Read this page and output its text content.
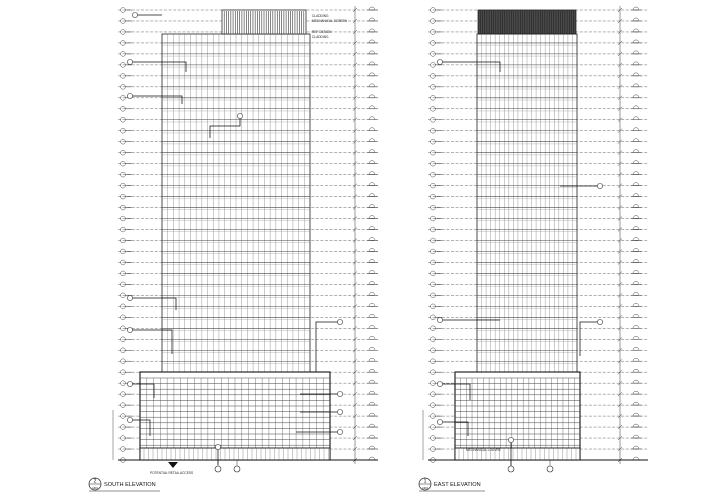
2
A301
SOUTH ELEVATION
1
A301
EAST ELEVATION
POTENTIAL RETAIL ACCESS
MECHANICAL LOUVRE
CLADDING
MECHANICAL SCREEN
REF DESIGN
CLADDING
